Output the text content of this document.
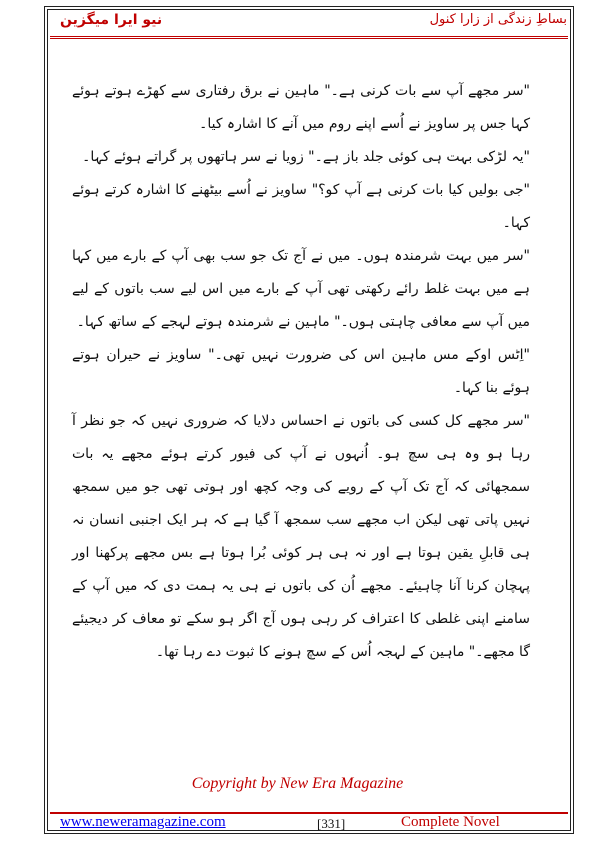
بساطِ زندگی از زارا کنول
نیو ایرا میگزین

"سر مجھے آپ سے بات کرنی ہے۔" ماہین نے برق رفتاری سے کھڑے ہوتے ہوئے کہا جس پر ساویز نے اُسے اپنے روم میں آنے کا اشارہ کیا۔

"یہ لڑکی بہت ہی کوئی جلد باز ہے۔" زویا نے سر ہاتھوں پر گراتے ہوئے کہا۔

"جی بولیں کیا بات کرنی ہے آپ کو؟" ساویز نے اُسے بیٹھنے کا اشارہ کرتے ہوئے کہا۔

"سر میں بہت شرمندہ ہوں۔ میں نے آج تک جو سب بھی آپ کے بارے میں کہا ہے میں بہت غلط رائے رکھتی تھی آپ کے بارے میں اس لیے سب باتوں کے لیے میں آپ سے معافی چاہتی ہوں۔" ماہین نے شرمندہ ہوتے لہجے کے ساتھ کہا۔

"اِٹس اوکے مس ماہین اس کی ضرورت نہیں تھی۔" ساویز نے حیران ہوتے ہوئے بنا کہا۔

"سر مجھے کل کسی کی باتوں نے احساس دلایا کہ ضروری نہیں کہ جو نظر آ رہا ہو وہ ہی سچ ہو۔ اُنہوں نے آپ کی فیور کرتے ہوئے مجھے یہ بات سمجھائی کہ آج تک آپ کے رویے کی وجہ کچھ اور ہوتی تھی جو میں سمجھ نہیں پاتی تھی لیکن اب مجھے سب سمجھ آ گیا ہے کہ ہر ایک اجنبی انسان نہ ہی قابلِ یقین ہوتا ہے اور نہ ہی ہر کوئی بُرا ہوتا ہے بس مجھے پرکھنا اور پہچان کرنا آنا چاہیئے۔ مجھے اُن کی باتوں نے ہی یہ ہمت دی کہ میں آپ کے سامنے اپنی غلطی کا اعتراف کر رہی ہوں آج اگر ہو سکے تو معاف کر دیجیئے گا مجھے۔" ماہین کے لہجہ اُس کے سچ ہونے کا ثبوت دے رہا تھا۔

Copyright by New Era Magazine
www.neweramagazine.com	[331]	Complete Novel
